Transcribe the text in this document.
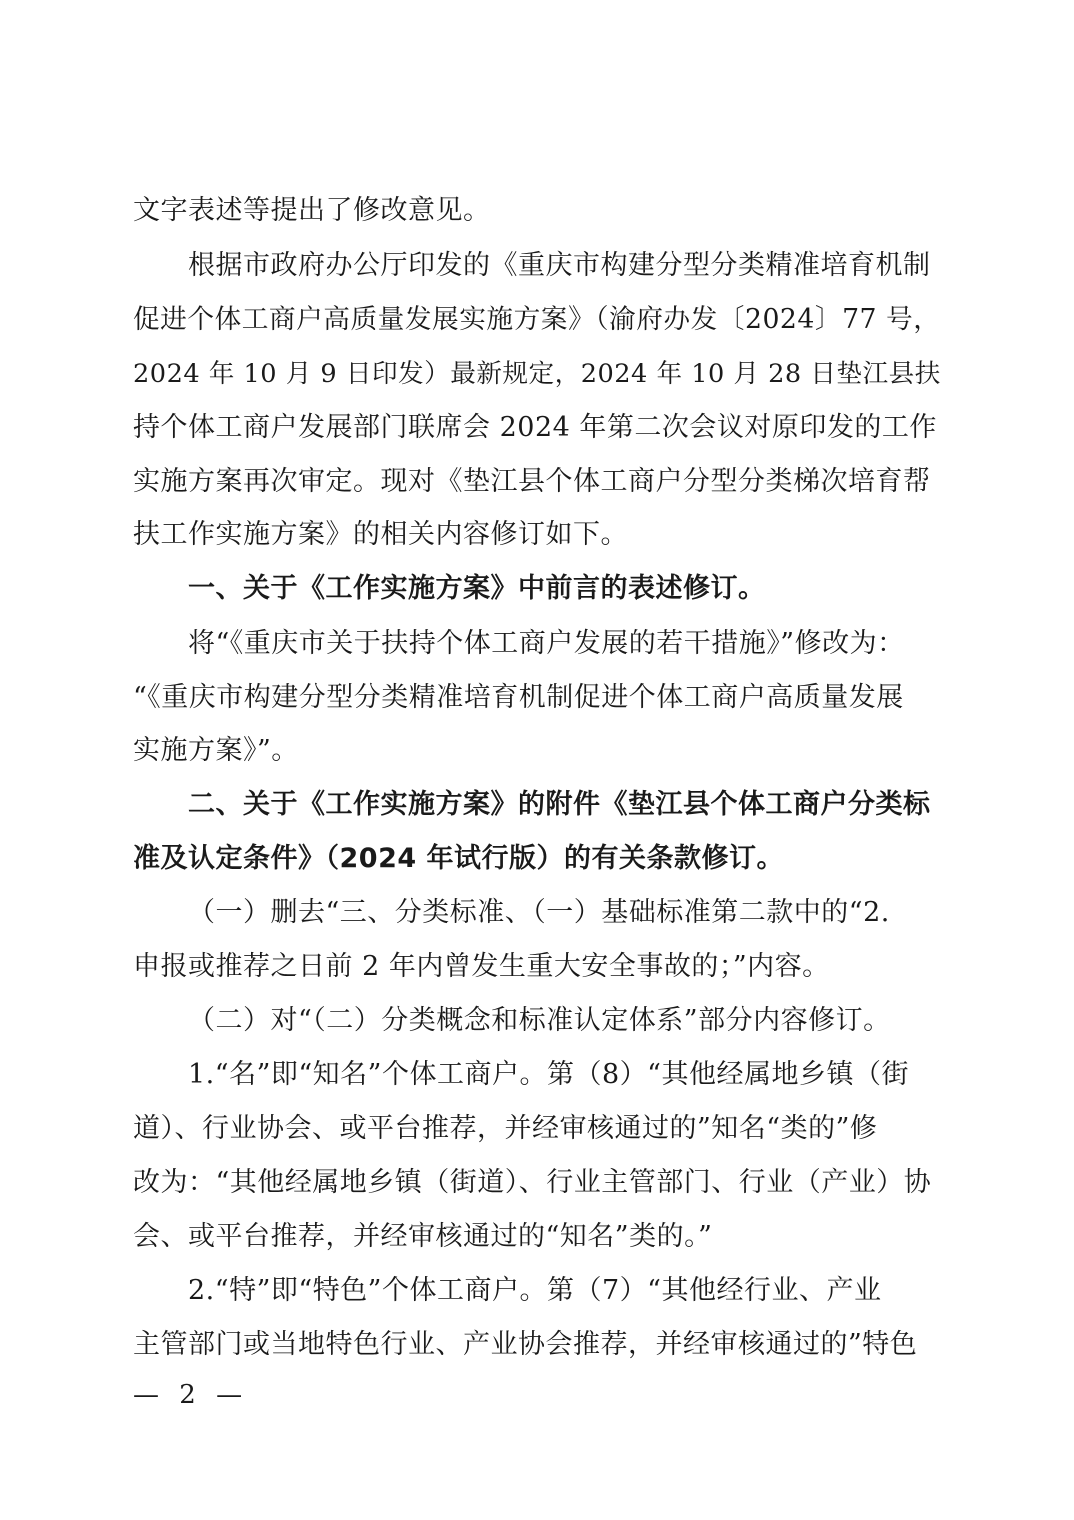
文字表述等提出了修改意见。
根据市政府办公厅印发的《重庆市构建分型分类精准培育机制
促进个体工商户高质量发展实施方案》（渝府办发〔2024〕77 号，
2024 年 10 月 9 日印发）最新规定，2024 年 10 月 28 日垫江县扶
持个体工商户发展部门联席会 2024 年第二次会议对原印发的工作
实施方案再次审定。现对《垫江县个体工商户分型分类梯次培育帮
扶工作实施方案》的相关内容修订如下。
一、关于《工作实施方案》中前言的表述修订。
将“《重庆市关于扶持个体工商户发展的若干措施》”修改为：
“《重庆市构建分型分类精准培育机制促进个体工商户高质量发展
实施方案》”。
二、关于《工作实施方案》的附件《垫江县个体工商户分类标
准及认定条件》（2024 年试行版）的有关条款修订。
（一）删去“三、分类标准、（一）基础标准第二款中的“2.
申报或推荐之日前 2 年内曾发生重大安全事故的；”内容。
（二）对“（二）分类概念和标准认定体系”部分内容修订。
1.“名”即“知名”个体工商户。第（8）“其他经属地乡镇（街
道）、行业协会、或平台推荐，并经审核通过的”知名“类的”修
改为：“其他经属地乡镇（街道）、行业主管部门、行业（产业）协
会、或平台推荐，并经审核通过的“知名”类的。”
2.“特”即“特色”个体工商户。第（7）“其他经行业、产业
主管部门或当地特色行业、产业协会推荐，并经审核通过的”特色
— 2 —
